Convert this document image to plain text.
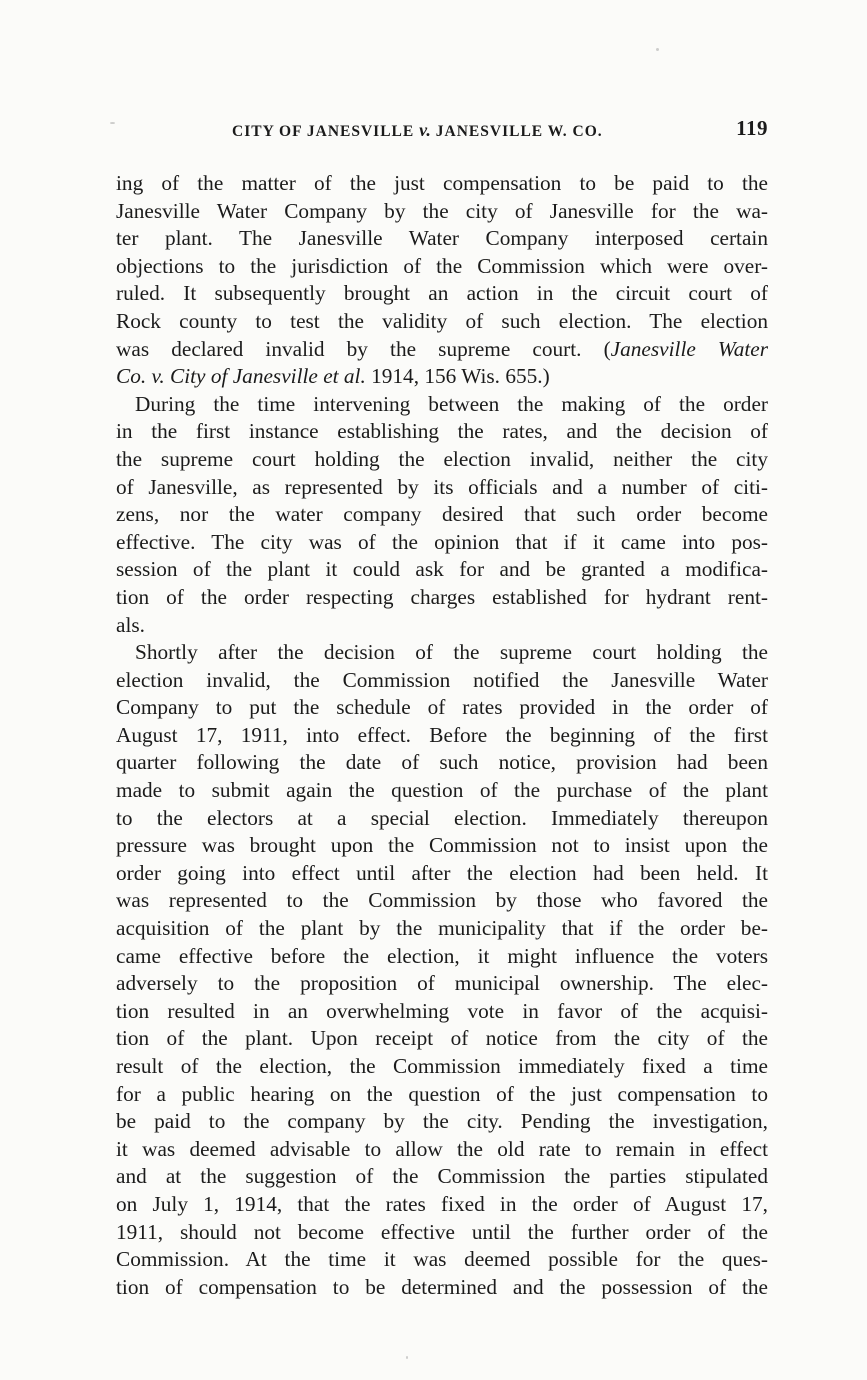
CITY OF JANESVILLE v. JANESVILLE W. CO.	119
ing of the matter of the just compensation to be paid to the
Janesville Water Company by the city of Janesville for the wa-
ter plant. The Janesville Water Company interposed certain
objections to the jurisdiction of the Commission which were over-
ruled. It subsequently brought an action in the circuit court of
Rock county to test the validity of such election. The election
was declared invalid by the supreme court. (Janesville Water
Co. v. City of Janesville et al. 1914, 156 Wis. 655.)
During the time intervening between the making of the order
in the first instance establishing the rates, and the decision of
the supreme court holding the election invalid, neither the city
of Janesville, as represented by its officials and a number of citi-
zens, nor the water company desired that such order become
effective. The city was of the opinion that if it came into pos-
session of the plant it could ask for and be granted a modifica-
tion of the order respecting charges established for hydrant rent-
als.
Shortly after the decision of the supreme court holding the
election invalid, the Commission notified the Janesville Water
Company to put the schedule of rates provided in the order of
August 17, 1911, into effect. Before the beginning of the first
quarter following the date of such notice, provision had been
made to submit again the question of the purchase of the plant
to the electors at a special election. Immediately thereupon
pressure was brought upon the Commission not to insist upon the
order going into effect until after the election had been held. It
was represented to the Commission by those who favored the
acquisition of the plant by the municipality that if the order be-
came effective before the election, it might influence the voters
adversely to the proposition of municipal ownership. The elec-
tion resulted in an overwhelming vote in favor of the acquisi-
tion of the plant. Upon receipt of notice from the city of the
result of the election, the Commission immediately fixed a time
for a public hearing on the question of the just compensation to
be paid to the company by the city. Pending the investigation,
it was deemed advisable to allow the old rate to remain in effect
and at the suggestion of the Commission the parties stipulated
on July 1, 1914, that the rates fixed in the order of August 17,
1911, should not become effective until the further order of the
Commission. At the time it was deemed possible for the ques-
tion of compensation to be determined and the possession of the
